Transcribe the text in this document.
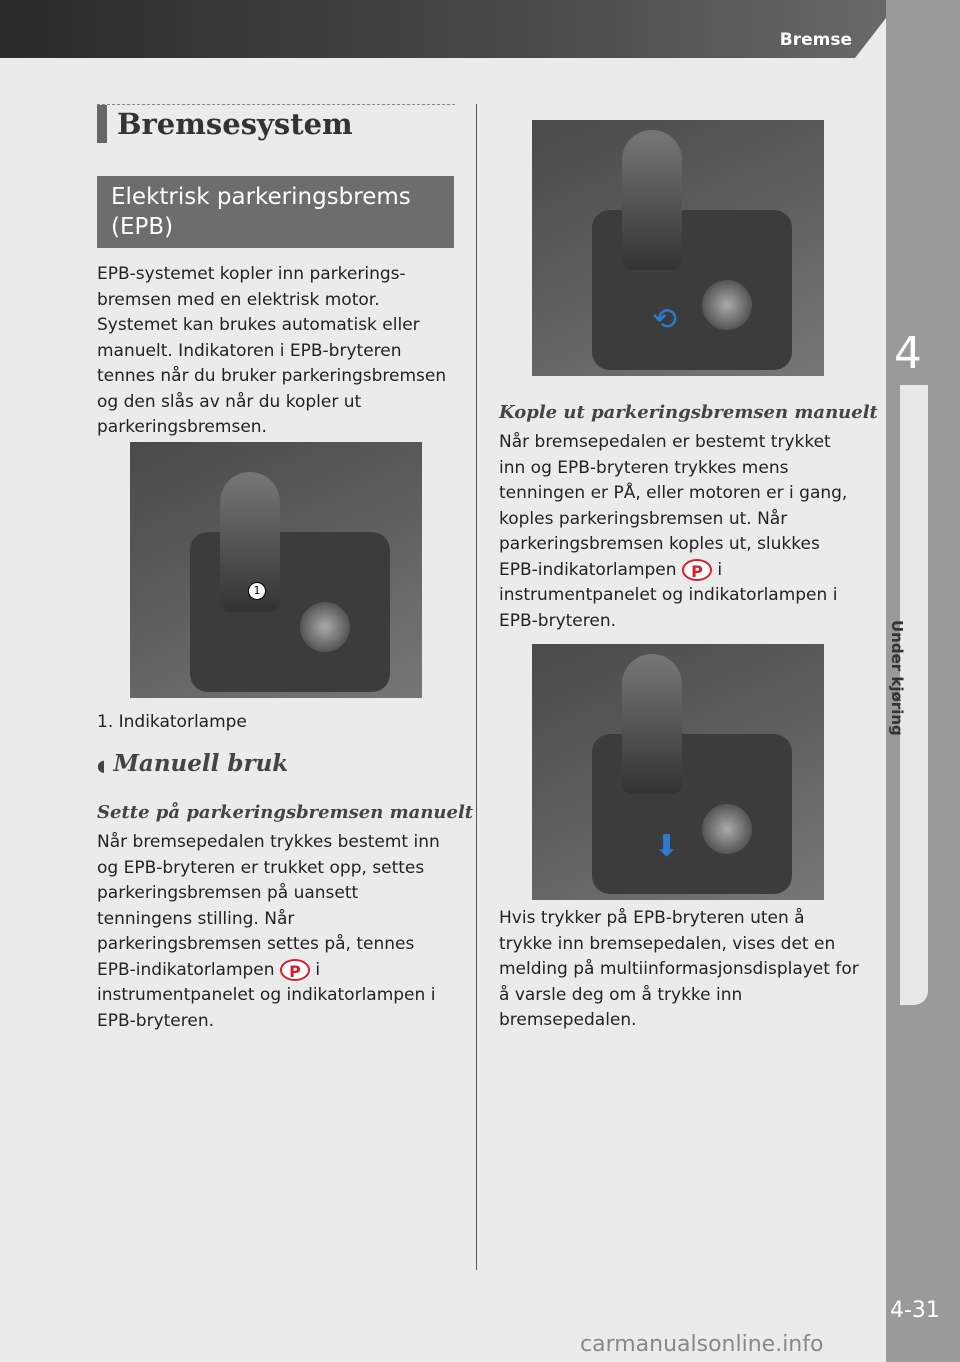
Bremse
4
Under kjøring
4-31
Bremsesystem
Elektrisk parkeringsbrems (EPB)
EPB-systemet kopler inn parkerings- bremsen med en elektrisk motor. Systemet kan brukes automatisk eller manuelt. Indikatoren i EPB-bryteren tennes når du bruker parkeringsbremsen og den slås av når du kopler ut parkeringsbremsen.
1
1. Indikatorlampe
◖ Manuell bruk
Sette på parkeringsbremsen manuelt
Når bremsepedalen trykkes bestemt inn og EPB-bryteren er trukket opp, settes parkeringsbremsen på uansett tenningens stilling. Når parkeringsbremsen settes på, tennes EPB-indikatorlampen P i instrumentpanelet og indikatorlampen i EPB-bryteren.
⟲
Kople ut parkeringsbremsen manuelt
Når bremsepedalen er bestemt trykket inn og EPB-bryteren trykkes mens tenningen er PÅ, eller motoren er i gang, koples parkeringsbremsen ut. Når parkeringsbremsen koples ut, slukkes EPB-indikatorlampen P i instrumentpanelet og indikatorlampen i EPB-bryteren.
⬇
Hvis trykker på EPB-bryteren uten å trykke inn bremsepedalen, vises det en melding på multiinformasjonsdisplayet for å varsle deg om å trykke inn bremsepedalen.
carmanualsonline.info
